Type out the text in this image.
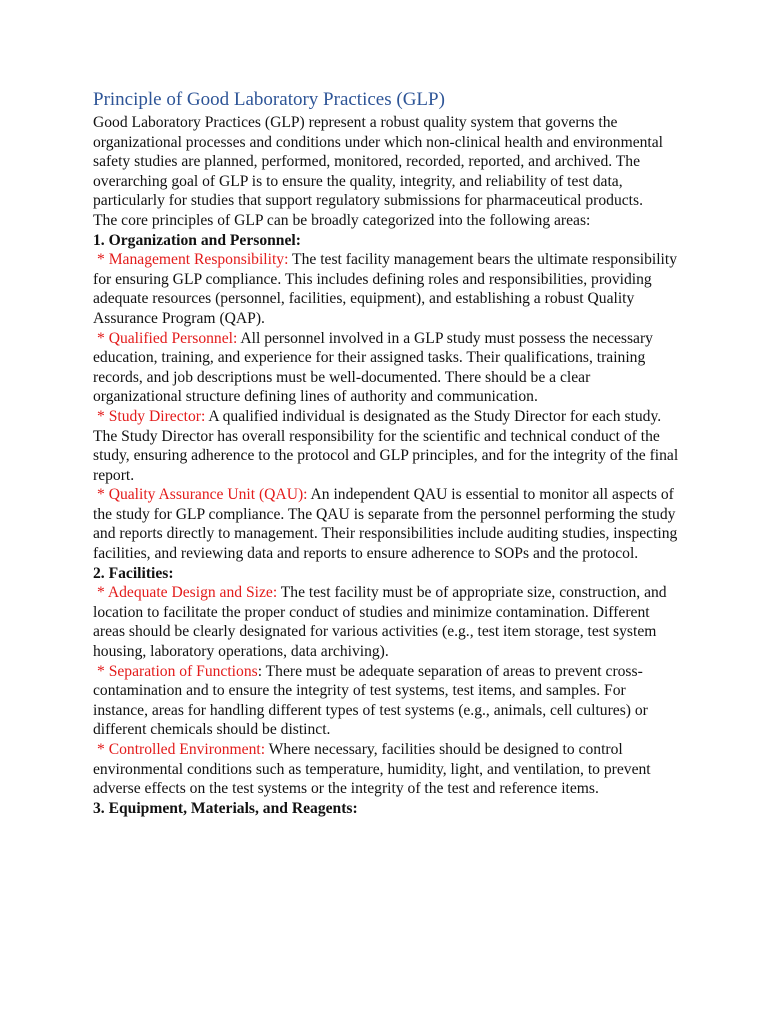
Principle of Good Laboratory Practices (GLP)

Good Laboratory Practices (GLP) represent a robust quality system that governs the organizational processes and conditions under which non-clinical health and environmental safety studies are planned, performed, monitored, recorded, reported, and archived. The overarching goal of GLP is to ensure the quality, integrity, and reliability of test data, particularly for studies that support regulatory submissions for pharmaceutical products.

The core principles of GLP can be broadly categorized into the following areas:

1. Organization and Personnel:

* Management Responsibility: The test facility management bears the ultimate responsibility for ensuring GLP compliance. This includes defining roles and responsibilities, providing adequate resources (personnel, facilities, equipment), and establishing a robust Quality Assurance Program (QAP).

* Qualified Personnel: All personnel involved in a GLP study must possess the necessary education, training, and experience for their assigned tasks. Their qualifications, training records, and job descriptions must be well-documented. There should be a clear organizational structure defining lines of authority and communication.

* Study Director: A qualified individual is designated as the Study Director for each study. The Study Director has overall responsibility for the scientific and technical conduct of the study, ensuring adherence to the protocol and GLP principles, and for the integrity of the final report.

* Quality Assurance Unit (QAU): An independent QAU is essential to monitor all aspects of the study for GLP compliance. The QAU is separate from the personnel performing the study and reports directly to management. Their responsibilities include auditing studies, inspecting facilities, and reviewing data and reports to ensure adherence to SOPs and the protocol.

2. Facilities:

* Adequate Design and Size: The test facility must be of appropriate size, construction, and location to facilitate the proper conduct of studies and minimize contamination. Different areas should be clearly designated for various activities (e.g., test item storage, test system housing, laboratory operations, data archiving).

* Separation of Functions: There must be adequate separation of areas to prevent cross-contamination and to ensure the integrity of test systems, test items, and samples. For instance, areas for handling different types of test systems (e.g., animals, cell cultures) or different chemicals should be distinct.

* Controlled Environment: Where necessary, facilities should be designed to control environmental conditions such as temperature, humidity, light, and ventilation, to prevent adverse effects on the test systems or the integrity of the test and reference items.

3. Equipment, Materials, and Reagents:
